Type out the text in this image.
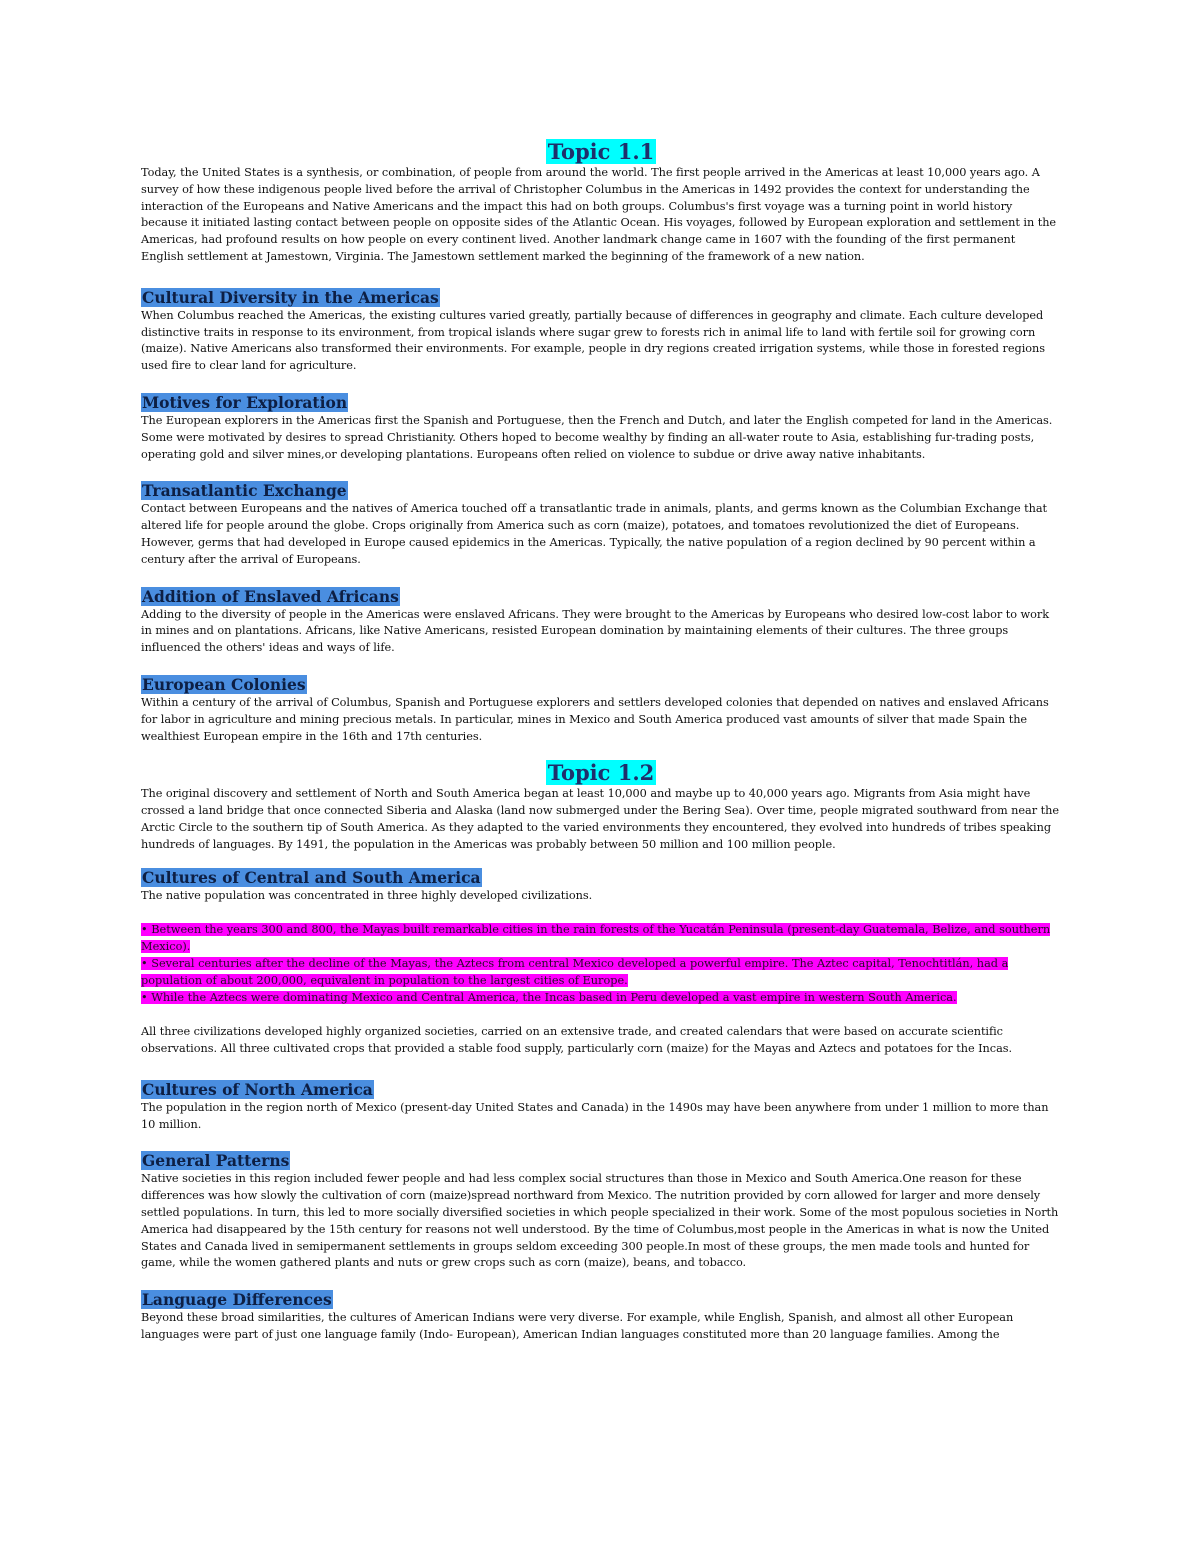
Topic 1.1

Today, the United States is a synthesis, or combination, of people from around the world. The first people arrived in the Americas at least 10,000 years ago. A survey of how these indigenous people lived before the arrival of Christopher Columbus in the Americas in 1492 provides the context for understanding the interaction of the Europeans and Native Americans and the impact this had on both groups. Columbus's first voyage was a turning point in world history because it initiated lasting contact between people on opposite sides of the Atlantic Ocean. His voyages, followed by European exploration and settlement in the Americas, had profound results on how people on every continent lived. Another landmark change came in 1607 with the founding of the first permanent English settlement at Jamestown, Virginia. The Jamestown settlement marked the beginning of the framework of a new nation.

Cultural Diversity in the Americas

When Columbus reached the Americas, the existing cultures varied greatly, partially because of differences in geography and climate. Each culture developed distinctive traits in response to its environment, from tropical islands where sugar grew to forests rich in animal life to land with fertile soil for growing corn (maize). Native Americans also transformed their environments. For example, people in dry regions created irrigation systems, while those in forested regions used fire to clear land for agriculture.

Motives for Exploration

The European explorers in the Americas first the Spanish and Portuguese, then the French and Dutch, and later the English competed for land in the Americas. Some were motivated by desires to spread Christianity. Others hoped to become wealthy by finding an all-water route to Asia, establishing fur-trading posts, operating gold and silver mines,or developing plantations. Europeans often relied on violence to subdue or drive away native inhabitants.

Transatlantic Exchange

Contact between Europeans and the natives of America touched off a transatlantic trade in animals, plants, and germs known as the Columbian Exchange that altered life for people around the globe. Crops originally from America such as corn (maize), potatoes, and tomatoes revolutionized the diet of Europeans. However, germs that had developed in Europe caused epidemics in the Americas. Typically, the native population of a region declined by 90 percent within a century after the arrival of Europeans.

Addition of Enslaved Africans

Adding to the diversity of people in the Americas were enslaved Africans. They were brought to the Americas by Europeans who desired low-cost labor to work in mines and on plantations. Africans, like Native Americans, resisted European domination by maintaining elements of their cultures. The three groups influenced the others' ideas and ways of life.

European Colonies

Within a century of the arrival of Columbus, Spanish and Portuguese explorers and settlers developed colonies that depended on natives and enslaved Africans for labor in agriculture and mining precious metals. In particular, mines in Mexico and South America produced vast amounts of silver that made Spain the wealthiest European empire in the 16th and 17th centuries.

Topic 1.2

The original discovery and settlement of North and South America began at least 10,000 and maybe up to 40,000 years ago. Migrants from Asia might have crossed a land bridge that once connected Siberia and Alaska (land now submerged under the Bering Sea). Over time, people migrated southward from near the Arctic Circle to the southern tip of South America. As they adapted to the varied environments they encountered, they evolved into hundreds of tribes speaking hundreds of languages. By 1491, the population in the Americas was probably between 50 million and 100 million people.

Cultures of Central and South America

The native population was concentrated in three highly developed civilizations.

• Between the years 300 and 800, the Mayas built remarkable cities in the rain forests of the Yucatán Peninsula (present-day Guatemala, Belize, and southern Mexico).
• Several centuries after the decline of the Mayas, the Aztecs from central Mexico developed a powerful empire. The Aztec capital, Tenochtitlán, had a population of about 200,000, equivalent in population to the largest cities of Europe.
• While the Aztecs were dominating Mexico and Central America, the Incas based in Peru developed a vast empire in western South America.

All three civilizations developed highly organized societies, carried on an extensive trade, and created calendars that were based on accurate scientific observations. All three cultivated crops that provided a stable food supply, particularly corn (maize) for the Mayas and Aztecs and potatoes for the Incas.

Cultures of North America

The population in the region north of Mexico (present-day United States and Canada) in the 1490s may have been anywhere from under 1 million to more than 10 million.

General Patterns

Native societies in this region included fewer people and had less complex social structures than those in Mexico and South America.One reason for these differences was how slowly the cultivation of corn (maize)spread northward from Mexico. The nutrition provided by corn allowed for larger and more densely settled populations. In turn, this led to more socially diversified societies in which people specialized in their work. Some of the most populous societies in North America had disappeared by the 15th century for reasons not well understood. By the time of Columbus,most people in the Americas in what is now the United States and Canada lived in semipermanent settlements in groups seldom exceeding 300 people.In most of these groups, the men made tools and hunted for game, while the women gathered plants and nuts or grew crops such as corn (maize), beans, and tobacco.

Language Differences

Beyond these broad similarities, the cultures of American Indians were very diverse. For example, while English, Spanish, and almost all other European languages were part of just one language family (Indo- European), American Indian languages constituted more than 20 language families. Among the
